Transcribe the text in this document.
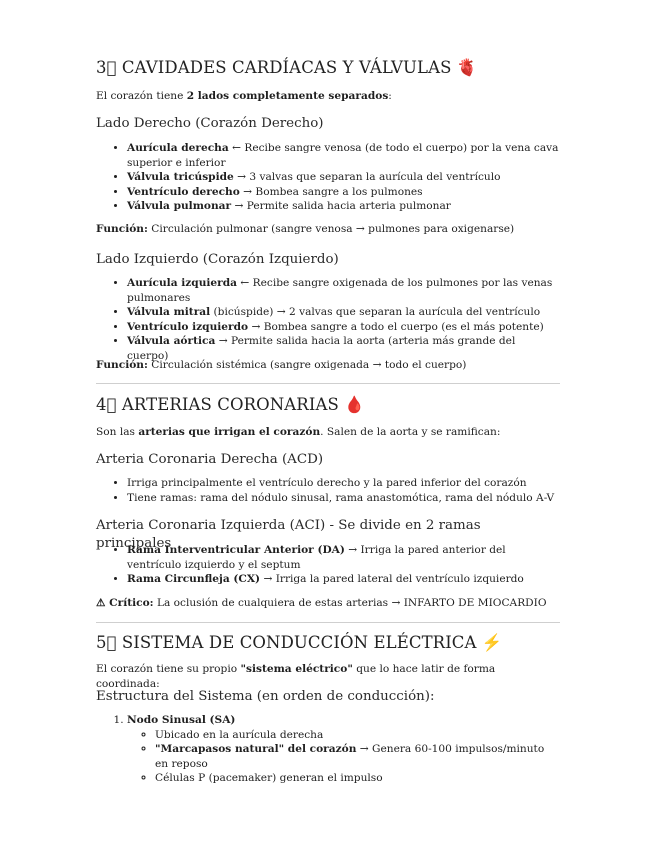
3⃣ CAVIDADES CARDÍACAS Y VÁLVULAS 🫀

El corazón tiene 2 lados completamente separados:

Lado Derecho (Corazón Derecho)
• Aurícula derecha ← Recibe sangre venosa (de todo el cuerpo) por la vena cava superior e inferior
• Válvula tricúspide → 3 valvas que separan la aurícula del ventrículo
• Ventrículo derecho → Bombea sangre a los pulmones
• Válvula pulmonar → Permite salida hacia arteria pulmonar

Función: Circulación pulmonar (sangre venosa → pulmones para oxigenarse)

Lado Izquierdo (Corazón Izquierdo)
• Aurícula izquierda ← Recibe sangre oxigenada de los pulmones por las venas pulmonares
• Válvula mitral (bicúspide) → 2 valvas que separan la aurícula del ventrículo
• Ventrículo izquierdo → Bombea sangre a todo el cuerpo (es el más potente)
• Válvula aórtica → Permite salida hacia la aorta (arteria más grande del cuerpo)

Función: Circulación sistémica (sangre oxigenada → todo el cuerpo)

4⃣ ARTERIAS CORONARIAS 🩸

Son las arterias que irrigan el corazón. Salen de la aorta y se ramifican:

Arteria Coronaria Derecha (ACD)
• Irriga principalmente el ventrículo derecho y la pared inferior del corazón
• Tiene ramas: rama del nódulo sinusal, rama anastomótica, rama del nódulo A-V
Arteria Coronaria Izquierda (ACI) - Se divide en 2 ramas principales
• Rama Interventricular Anterior (DA) → Irriga la pared anterior del ventrículo izquierdo y el septum
• Rama Circunfleja (CX) → Irriga la pared lateral del ventrículo izquierdo

⚠ Crítico: La oclusión de cualquiera de estas arterias → INFARTO DE MIOCARDIO

5⃣ SISTEMA DE CONDUCCIÓN ELÉCTRICA ⚡

El corazón tiene su propio "sistema eléctrico" que lo hace latir de forma coordinada:

Estructura del Sistema (en orden de conducción):
1. Nodo Sinusal (SA)
◦ Ubicado en la aurícula derecha
◦ "Marcapasos natural" del corazón → Genera 60-100 impulsos/minuto en reposo
◦ Células P (pacemaker) generan el impulso
